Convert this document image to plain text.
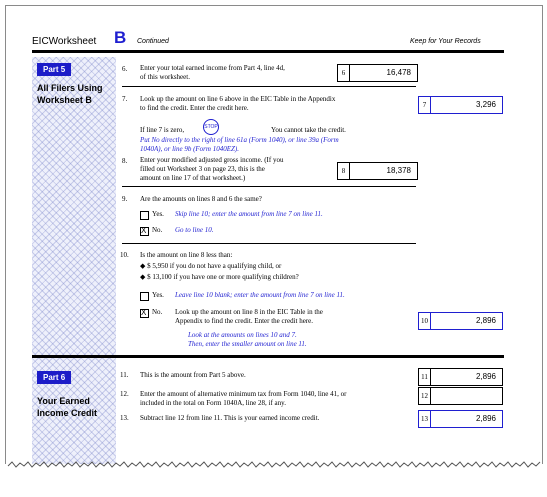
EICWorksheet B Continued	Keep for Your Records
Part 5
All Filers Using
Worksheet B
6. Enter your total earned income from Part 4, line 4d,
of this worksheet.	6	16,478
7. Look up the amount on line 6 above in the EIC Table in the Appendix
to find the credit. Enter the credit here.	7	3,296
If line 7 is zero,	STOP	You cannot take the credit.
Put No directly to the right of line 61a (Form 1040), or line 39a (Form
1040A), or line 9b (Form 1040EZ).
8. Enter your modified adjusted gross income. (If you
filled out Worksheet 3 on page 23, this is the
amount on line 17 of that worksheet.)
8	18,378
9. Are the amounts on lines 8 and 6 the same?
Yes. Skip line 10; enter the amount from line 7 on line 11.
X No. Go to line 10.
10. Is the amount on line 8 less than:
◆ $ 5,950 if you do not have a qualifying child, or
◆ $ 13,100 if you have one or more qualifying children?
Yes. Leave line 10 blank; enter the amount from line 7 on line 11.
X No. Look up the amount on line 8 in the EIC Table in the
Appendix to find the credit. Enter the credit here.
Look at the amounts on lines 10 and 7.
Then, enter the smaller amount on line 11.
10	2,896
Part 6
Your Earned
Income Credit
11. This is the amount from Part 5 above.	11	2,896
12. Enter the amount of alternative minimum tax from Form 1040, line 41, or
included in the total on Form 1040A, line 28, if any.
12
13. Subtract line 12 from line 11. This is your earned income credit.	13	2,896
